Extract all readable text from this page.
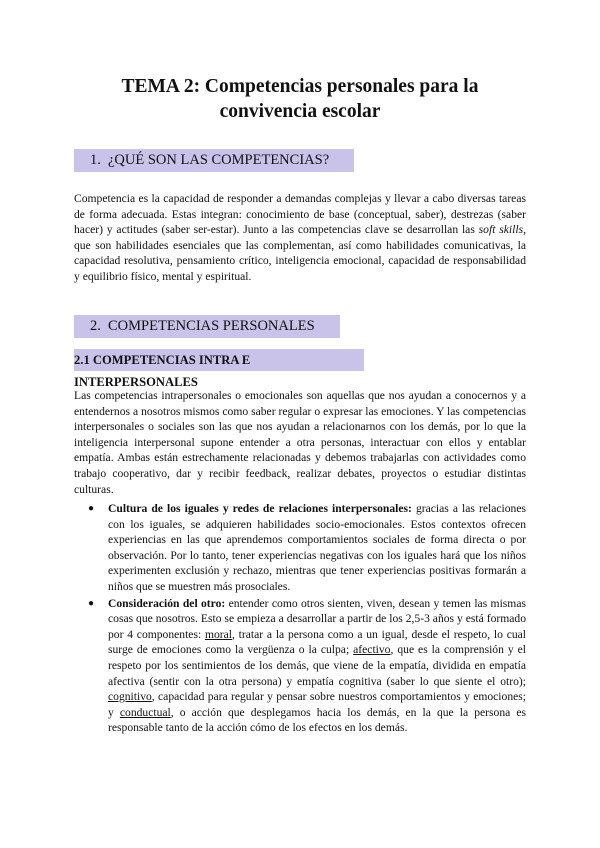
TEMA 2: Competencias personales para la
convivencia escolar
1. ¿QUÉ SON LAS COMPETENCIAS?
Competencia es la capacidad de responder a demandas complejas y llevar a cabo diversas tareas de forma adecuada. Estas integran: conocimiento de base (conceptual, saber), destrezas (saber hacer) y actitudes (saber ser-estar). Junto a las competencias clave se desarrollan las soft skills, que son habilidades esenciales que las complementan, así como habilidades comunicativas, la capacidad resolutiva, pensamiento crítico, inteligencia emocional, capacidad de responsabilidad y equilibrio físico, mental y espiritual.
2. COMPETENCIAS PERSONALES
2.1 COMPETENCIAS INTRA E INTERPERSONALES
Las competencias intrapersonales o emocionales son aquellas que nos ayudan a conocernos y a entendernos a nosotros mismos como saber regular o expresar las emociones. Y las competencias interpersonales o sociales son las que nos ayudan a relacionarnos con los demás, por lo que la inteligencia interpersonal supone entender a otra personas, interactuar con ellos y entablar empatía. Ambas están estrechamente relacionadas y debemos trabajarlas con actividades como trabajo cooperativo, dar y recibir feedback, realizar debates, proyectos o estudiar distintas culturas.
● Cultura de los iguales y redes de relaciones interpersonales: gracias a las relaciones con los iguales, se adquieren habilidades socio-emocionales. Estos contextos ofrecen experiencias en las que aprendemos comportamientos sociales de forma directa o por observación. Por lo tanto, tener experiencias negativas con los iguales hará que los niños experimenten exclusión y rechazo, mientras que tener experiencias positivas formarán a niños que se muestren más prosociales.
● Consideración del otro: entender como otros sienten, viven, desean y temen las mismas cosas que nosotros. Esto se empieza a desarrollar a partir de los 2,5-3 años y está formado por 4 componentes: moral, tratar a la persona como a un igual, desde el respeto, lo cual surge de emociones como la vergüenza o la culpa; afectivo, que es la comprensión y el respeto por los sentimientos de los demás, que viene de la empatía, dividida en empatía afectiva (sentir con la otra persona) y empatía cognitiva (saber lo que siente el otro); cognitivo, capacidad para regular y pensar sobre nuestros comportamientos y emociones; y conductual, o acción que desplegamos hacia los demás, en la que la persona es responsable tanto de la acción cómo de los efectos en los demás.
